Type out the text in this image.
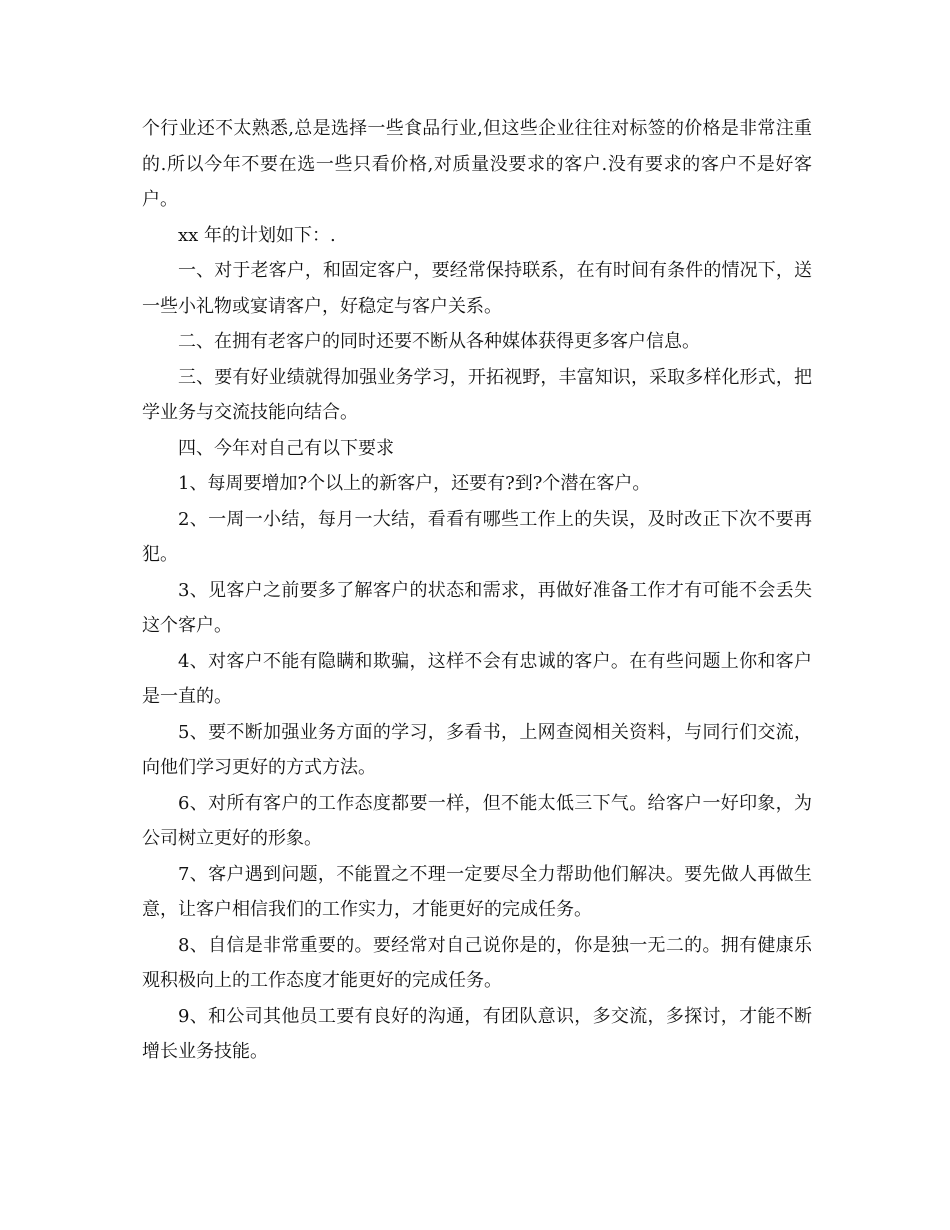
个行业还不太熟悉,总是选择一些食品行业,但这些企业往往对标签的价格是非常注重的.所以今年不要在选一些只看价格,对质量没要求的客户.没有要求的客户不是好客户。

xx 年的计划如下：.

一、对于老客户，和固定客户，要经常保持联系，在有时间有条件的情况下，送一些小礼物或宴请客户，好稳定与客户关系。

二、在拥有老客户的同时还要不断从各种媒体获得更多客户信息。

三、要有好业绩就得加强业务学习，开拓视野，丰富知识，采取多样化形式，把学业务与交流技能向结合。

四、今年对自己有以下要求

1、每周要增加?个以上的新客户，还要有?到?个潜在客户。

2、一周一小结，每月一大结，看看有哪些工作上的失误，及时改正下次不要再犯。

3、见客户之前要多了解客户的状态和需求，再做好准备工作才有可能不会丢失这个客户。

4、对客户不能有隐瞒和欺骗，这样不会有忠诚的客户。在有些问题上你和客户是一直的。

5、要不断加强业务方面的学习，多看书，上网查阅相关资料，与同行们交流，向他们学习更好的方式方法。

6、对所有客户的工作态度都要一样，但不能太低三下气。给客户一好印象，为公司树立更好的形象。

7、客户遇到问题，不能置之不理一定要尽全力帮助他们解决。要先做人再做生意，让客户相信我们的工作实力，才能更好的完成任务。

8、自信是非常重要的。要经常对自己说你是的，你是独一无二的。拥有健康乐观积极向上的工作态度才能更好的完成任务。

9、和公司其他员工要有良好的沟通，有团队意识，多交流，多探讨，才能不断增长业务技能。
